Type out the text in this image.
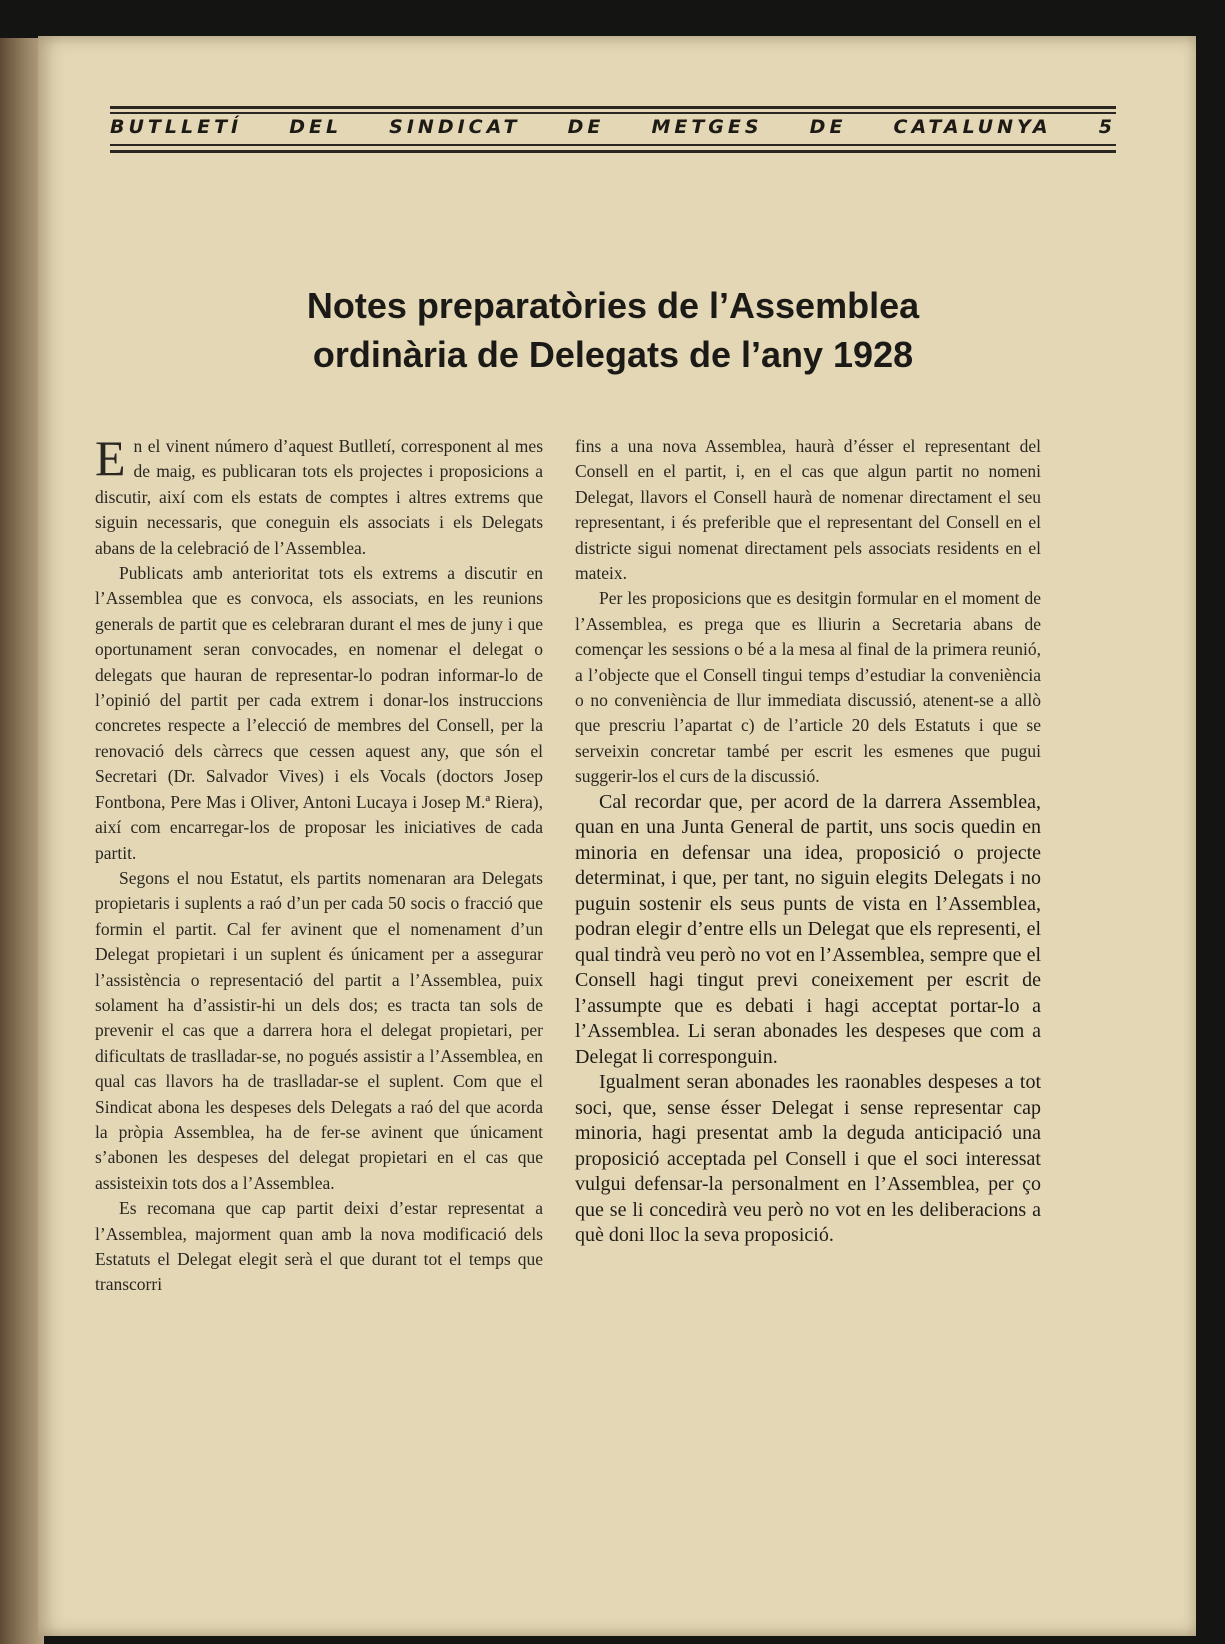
BUTLLETÍ DEL SINDICAT DE METGES DE CATALUNYA 5
Notes preparatòries de l’Assemblea
ordinària de Delegats de l’any 1928

En el vinent número d’aquest Butlletí, corresponent al mes de maig, es publicaran tots els projectes i proposicions a discutir, així com els estats de comptes i altres extrems que siguin necessaris, que coneguin els associats i els Delegats abans de la celebració de l’Assemblea.

Publicats amb anterioritat tots els extrems a discutir en l’Assemblea que es convoca, els associats, en les reunions generals de partit que es celebraran durant el mes de juny i que oportunament seran convocades, en nomenar el delegat o delegats que hauran de representar-lo podran informar-lo de l’opinió del partit per cada extrem i donar-los instruccions concretes respecte a l’elecció de membres del Consell, per la renovació dels càrrecs que cessen aquest any, que són el Secretari (Dr. Salvador Vives) i els Vocals (doctors Josep Fontbona, Pere Mas i Oliver, Antoni Lucaya i Josep M.ª Riera), així com encarregar-los de proposar les iniciatives de cada partit.

Segons el nou Estatut, els partits nomenaran ara Delegats propietaris i suplents a raó d’un per cada 50 socis o fracció que formin el partit. Cal fer avinent que el nomenament d’un Delegat propietari i un suplent és únicament per a assegurar l’assistència o representació del partit a l’Assemblea, puix solament ha d’assistir-hi un dels dos; es tracta tan sols de prevenir el cas que a darrera hora el delegat propietari, per dificultats de traslladar-se, no pogués assistir a l’Assemblea, en qual cas llavors ha de traslladar-se el suplent. Com que el Sindicat abona les despeses dels Delegats a raó del que acorda la pròpia Assemblea, ha de fer-se avinent que únicament s’abonen les despeses del delegat propietari en el cas que assisteixin tots dos a l’Assemblea.

Es recomana que cap partit deixi d’estar representat a l’Assemblea, majorment quan amb la nova modificació dels Estatuts el Delegat elegit serà el que durant tot el temps que transcorri

fins a una nova Assemblea, haurà d’ésser el representant del Consell en el partit, i, en el cas que algun partit no nomeni Delegat, llavors el Consell haurà de nomenar directament el seu representant, i és preferible que el representant del Consell en el districte sigui nomenat directament pels associats residents en el mateix.

Per les proposicions que es desitgin formular en el moment de l’Assemblea, es prega que es lliurin a Secretaria abans de començar les sessions o bé a la mesa al final de la primera reunió, a l’objecte que el Consell tingui temps d’estudiar la conveniència o no conveniència de llur immediata discussió, atenent-se a allò que prescriu l’apartat c) de l’article 20 dels Estatuts i que se serveixin concretar també per escrit les esmenes que pugui suggerir-los el curs de la discussió.

Cal recordar que, per acord de la darrera Assemblea, quan en una Junta General de partit, uns socis quedin en minoria en defensar una idea, proposició o projecte determinat, i que, per tant, no siguin elegits Delegats i no puguin sostenir els seus punts de vista en l’Assemblea, podran elegir d’entre ells un Delegat que els representi, el qual tindrà veu però no vot en l’Assemblea, sempre que el Consell hagi tingut previ coneixement per escrit de l’assumpte que es debati i hagi acceptat portar-lo a l’Assemblea. Li seran abonades les despeses que com a Delegat li corresponguin.

Igualment seran abonades les raonables despeses a tot soci, que, sense ésser Delegat i sense representar cap minoria, hagi presentat amb la deguda anticipació una proposició acceptada pel Consell i que el soci interessat vulgui defensar-la personalment en l’Assemblea, per ço que se li concedirà veu però no vot en les deliberacions a què doni lloc la seva proposició.
